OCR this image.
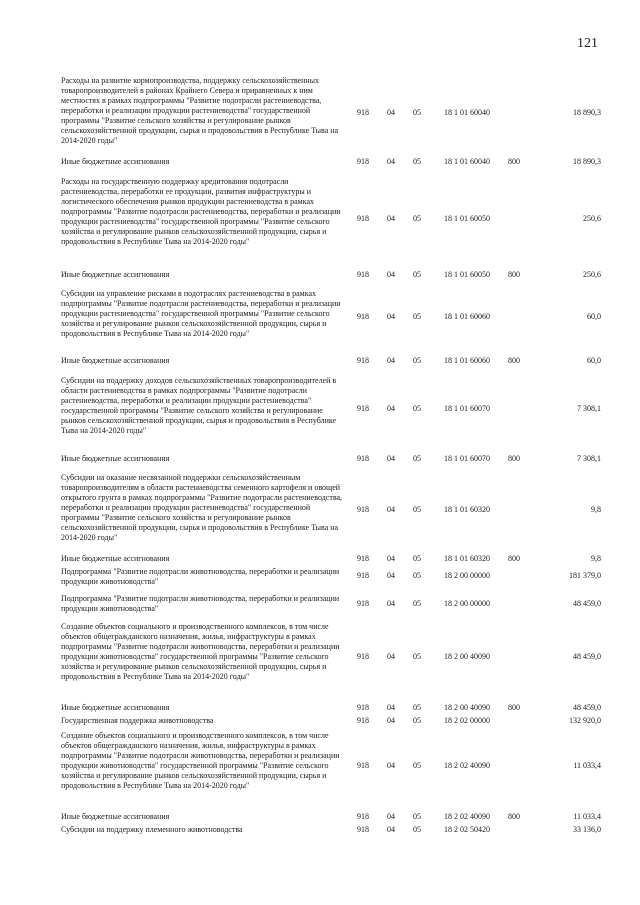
121
Расходы на развитие кормопроизводства, поддержку сельскохозяйственных товаропроизводителей в районах Крайнего Севера и приравненных к ним местностях в рамках подпрограммы "Развитие подотрасли растениеводства, переработки и реализации продукции растениеводства" государственной программы "Развитие сельского хозяйства и регулирование рынков сельскохозяйственной продукции, сырья и продовольствия в Республике Тыва на 2014-2020 годы"
918 04 05	18 1 01 60040	18 890,3
Иные бюджетные ассигнования	918 04 05	18 1 01 60040 800	18 890,3
Расходы на государственную поддержку кредитования подотрасли растениеводства, переработки ее продукции, развития инфраструктуры и логистического обеспечения рынков продукции растениеводства в рамках подпрограммы "Развитие подотрасли растениеводства, переработки и реализации продукции растениеводства" государственной программы "Развитие сельского хозяйства и регулирование рынков сельскохозяйственной продукции, сырья и продовольствия в Республике Тыва на 2014-2020 годы"
918 04 05	18 1 01 60050	250,6
Иные бюджетные ассигнования	918 04 05	18 1 01 60050 800	250,6
Субсидии на управление рисками в подотраслях растениеводства в рамках подпрограммы "Развитие подотрасли растениеводства, переработки и реализации продукции растениеводства" государственной программы "Развитие сельского хозяйства и регулирование рынков сельскохозяйственной продукции, сырья и продовольствия в Республике Тыва на 2014-2020 годы"
918 04 05	18 1 01 60060	60,0
Иные бюджетные ассигнования	918 04 05	18 1 01 60060 800	60,0
Субсидии на поддержку доходов сельскохозяйственных товаропроизводителей в области растениеводства в рамках подпрограммы "Развитие подотрасли растениеводства, переработки и реализации продукции растениеводства" государственной программы "Развитие сельского хозяйства и регулирование рынков сельскохозяйственной продукции, сырья и продовольствия в Республике Тыва на 2014-2020 годы"
918 04 05	18 1 01 60070	7 308,1
Иные бюджетные ассигнования	918 04 05	18 1 01 60070 800	7 308,1
Субсидии на оказание несвязанной поддержки сельскохозяйственным товаропроизводителям в области растениеводства семенного картофеля и овощей открытого грунта в рамках подпрограммы "Развитие подотрасли растениеводства, переработки и реализации продукции растениеводства" государственной программы "Развитие сельского хозяйства и регулирование рынков сельскохозяйственной продукции, сырья и продовольствия в Республике Тыва на 2014-2020 годы"
918 04 05	18 1 01 60320	9,8
Иные бюджетные ассигнования	918 04 05	18 1 01 60320 800	9,8
Подпрограмма "Развитие подотрасли животноводства, переработки и реализации продукции животноводства"
918 04 05	18 2 00 00000	181 379,0
Подпрограмма "Развитие подотрасли животноводства, переработки и реализации продукции животноводства"
918 04 05	18 2 00 00000	48 459,0
Создание объектов социального и производственного комплексов, в том числе объектов общегражданского назначения, жилья, инфраструктуры в рамках подпрограммы "Развитие подотрасли животноводства, переработки и реализации продукции животноводства" государственной программы "Развитие сельского хозяйства и регулирование рынков сельскохозяйственной продукции, сырья и продовольствия в Республике Тыва на 2014-2020 годы"
918 04 05	18 2 00 40090	48 459,0
Иные бюджетные ассигнования	918 04 05	18 2 00 40090 800	48 459,0
Государственная поддержка животноводства	918 04 05	18 2 02 00000	132 920,0
Создание объектов социального и производственного комплексов, в том числе объектов общегражданского назначения, жилья, инфраструктуры в рамках подпрограммы "Развитие подотрасли животноводства, переработки и реализации продукции животноводства" государственной программы "Развитие сельского хозяйства и регулирование рынков сельскохозяйственной продукции, сырья и продовольствия в Республике Тыва на 2014-2020 годы"
918 04 05	18 2 02 40090	11 033,4
Иные бюджетные ассигнования	918 04 05	18 2 02 40090 800	11 033,4
Субсидии на поддержку племенного животноводства	918 04 05	18 2 02 50420	33 136,0
